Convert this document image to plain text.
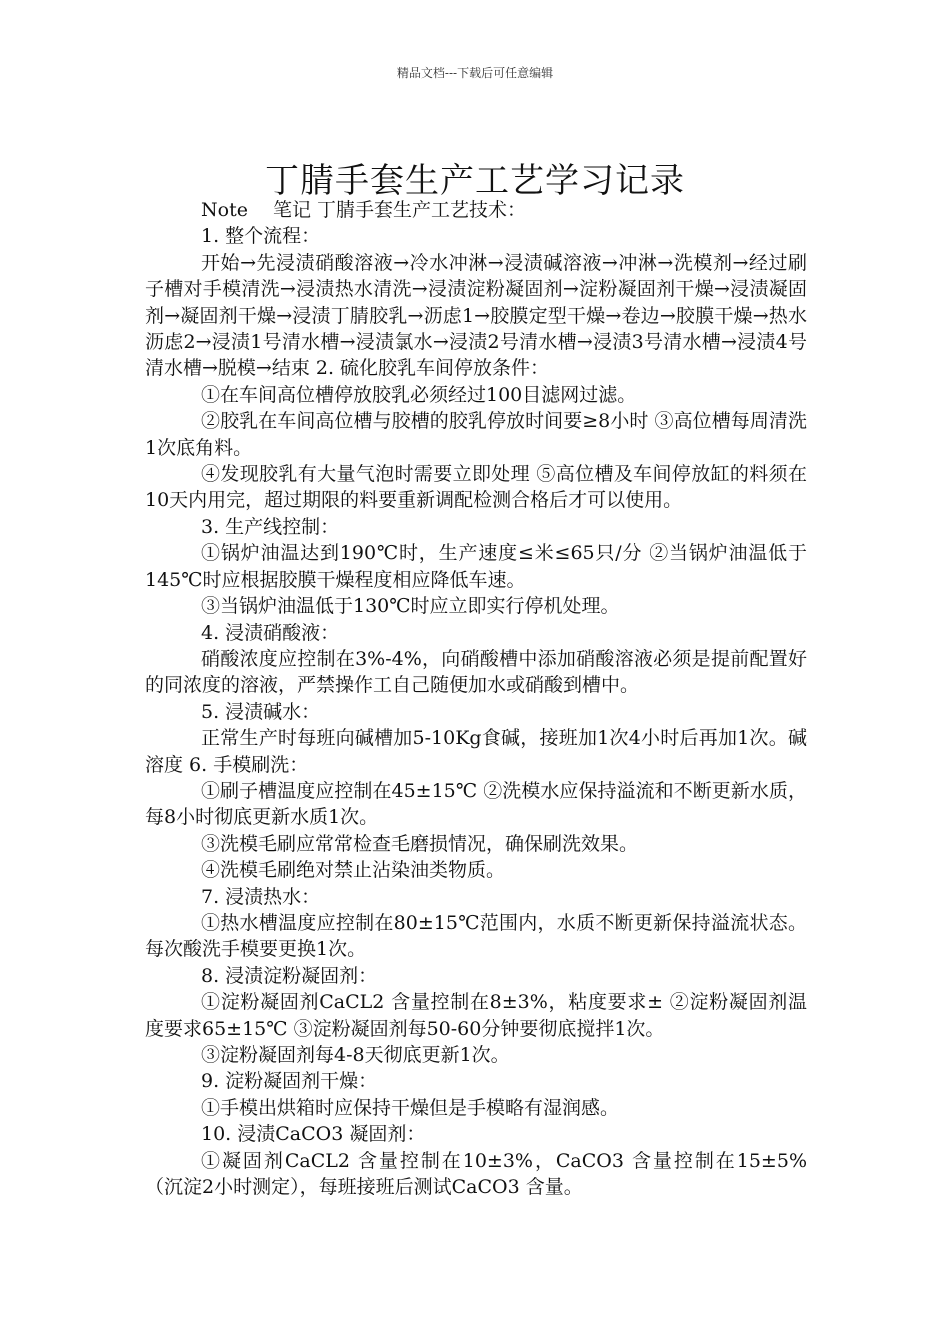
精品文档---下载后可任意编辑
丁腈手套生产工艺学习记录

Note　 笔记 丁腈手套生产工艺技术：

1. 整个流程：

开始→先浸渍硝酸溶液→冷水冲淋→浸渍碱溶液→冲淋→洗模剂→经过刷子槽对手模清洗→浸渍热水清洗→浸渍淀粉凝固剂→淀粉凝固剂干燥→浸渍凝固剂→凝固剂干燥→浸渍丁腈胶乳→沥虑1→胶膜定型干燥→卷边→胶膜干燥→热水沥虑2→浸渍1号清水槽→浸渍氯水→浸渍2号清水槽→浸渍3号清水槽→浸渍4号清水槽→脱模→结束 2. 硫化胶乳车间停放条件：

①在车间高位槽停放胶乳必须经过100目滤网过滤。

②胶乳在车间高位槽与胶槽的胶乳停放时间要≥8小时 ③高位槽每周清洗1次底角料。

④发现胶乳有大量气泡时需要立即处理 ⑤高位槽及车间停放缸的料须在10天内用完，超过期限的料要重新调配检测合格后才可以使用。

3. 生产线控制：

①锅炉油温达到190℃时，生产速度≤米≤65只/分 ②当锅炉油温低于145℃时应根据胶膜干燥程度相应降低车速。

③当锅炉油温低于130℃时应立即实行停机处理。

4. 浸渍硝酸液：

硝酸浓度应控制在3%-4%，向硝酸槽中添加硝酸溶液必须是提前配置好的同浓度的溶液，严禁操作工自己随便加水或硝酸到槽中。

5. 浸渍碱水：

正常生产时每班向碱槽加5-10Kg食碱，接班加1次4小时后再加1次。碱溶度 6. 手模刷洗：

①刷子槽温度应控制在45±15℃ ②洗模水应保持溢流和不断更新水质，每8小时彻底更新水质1次。

③洗模毛刷应常常检查毛磨损情况，确保刷洗效果。

④洗模毛刷绝对禁止沾染油类物质。

7. 浸渍热水：

①热水槽温度应控制在80±15℃范围内，水质不断更新保持溢流状态。每次酸洗手模要更换1次。

8. 浸渍淀粉凝固剂：

①淀粉凝固剂CaCL2 含量控制在8±3%，粘度要求± ②淀粉凝固剂温度要求65±15℃ ③淀粉凝固剂每50-60分钟要彻底搅拌1次。

③淀粉凝固剂每4-8天彻底更新1次。

9. 淀粉凝固剂干燥：

①手模出烘箱时应保持干燥但是手模略有湿润感。

10. 浸渍CaCO3 凝固剂：

①凝固剂CaCL2 含量控制在10±3%，CaCO3 含量控制在15±5%（沉淀2小时测定），每班接班后测试CaCO3 含量。
